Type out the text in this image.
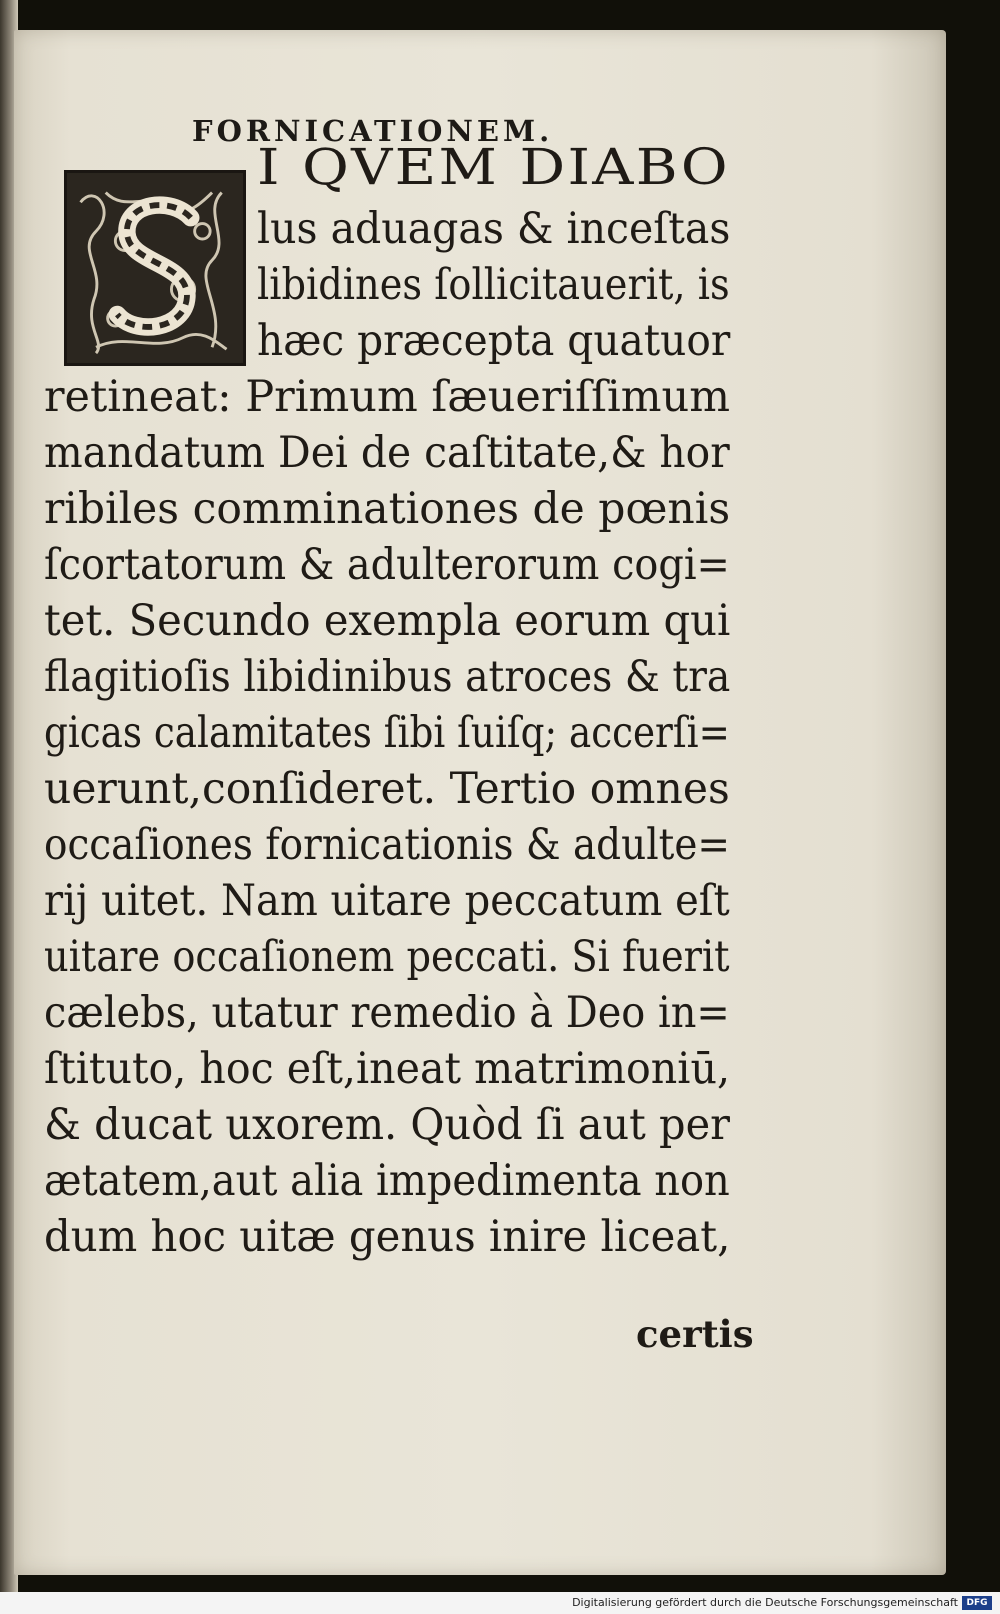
FORNICATIONEM.
I QVEM DIABO
lus aduagas & inceſtas
libidines ſollicitauerit, is
hæc præcepta quatuor
retineat: Primum ſæueriſſimum
mandatum Dei de caſtitate,& hor
ribiles comminationes de pœnis
ſcortatorum & adulterorum cogi=
tet. Secundo exempla eorum qui
flagitioſis libidinibus atroces & tra
gicas calamitates ſibi ſuiſq; accerſi=
uerunt,conſideret. Tertio omnes
occaſiones fornicationis & adulte=
rij uitet. Nam uitare peccatum eſt
uitare occaſionem peccati. Si fuerit
cælebs, utatur remedio à Deo in=
ſtituto, hoc eſt,ineat matrimoniū,
& ducat uxorem. Quòd ſi aut per
ætatem,aut alia impedimenta non
dum hoc uitæ genus inire liceat,
certis
Digitalisierung gefördert durch die Deutsche Forschungsgemeinschaft DFG
